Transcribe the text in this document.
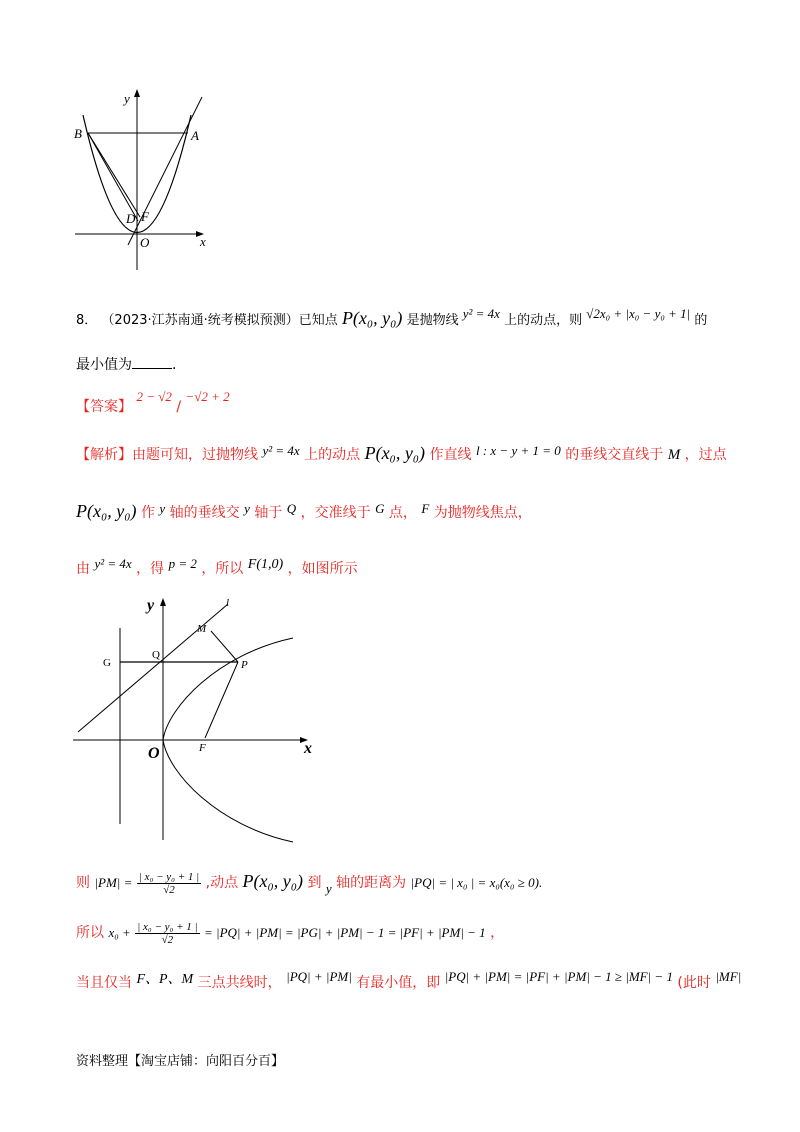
y
x
B	A
D F
O
8． （2023·江苏南通·统考模拟预测）已知点 P(x₀, y₀) 是抛物线 y² = 4x 上的动点，则 √2x₀ + |x₀ − y₀ + 1| 的
最小值为	.
【答案】 2 − √2 / −√2 + 2
【解析】由题可知，过抛物线 y² = 4x 上的动点 P(x₀, y₀) 作直线 l : x − y + 1 = 0 的垂线交直线于 M ，过点
P(x₀, y₀) 作 y 轴的垂线交 y 轴于 Q ，交准线于 G 点， F 为抛物线焦点，
由 y² = 4x ，得 p = 2 ，所以 F(1,0) ，如图所示
y
x
l
M
G
Q
P
O	F
则 $|PM| = \frac{\text{| x₀ − y₀ + 1 |}}{√2}$ ,动点 P(x₀, y₀) 到 y 轴的距离为 |PQ| = | x₀ | = x₀(x₀ ≥ 0).
所以 $x_0 + \frac{\text{| x₀ − y₀ + 1 |}}{√2} = |PQ| + |PM| = |PG| + |PM| - 1 = |PF| + |PM| - 1$ ，
当且仅当 F、P、M 三点共线时， |PQ| + |PM| 有最小值，即 |PQ| + |PM| = |PF| + |PM| − 1 ≥ |MF| − 1 (此时 |MF|
资料整理【淘宝店铺：向阳百分百】
